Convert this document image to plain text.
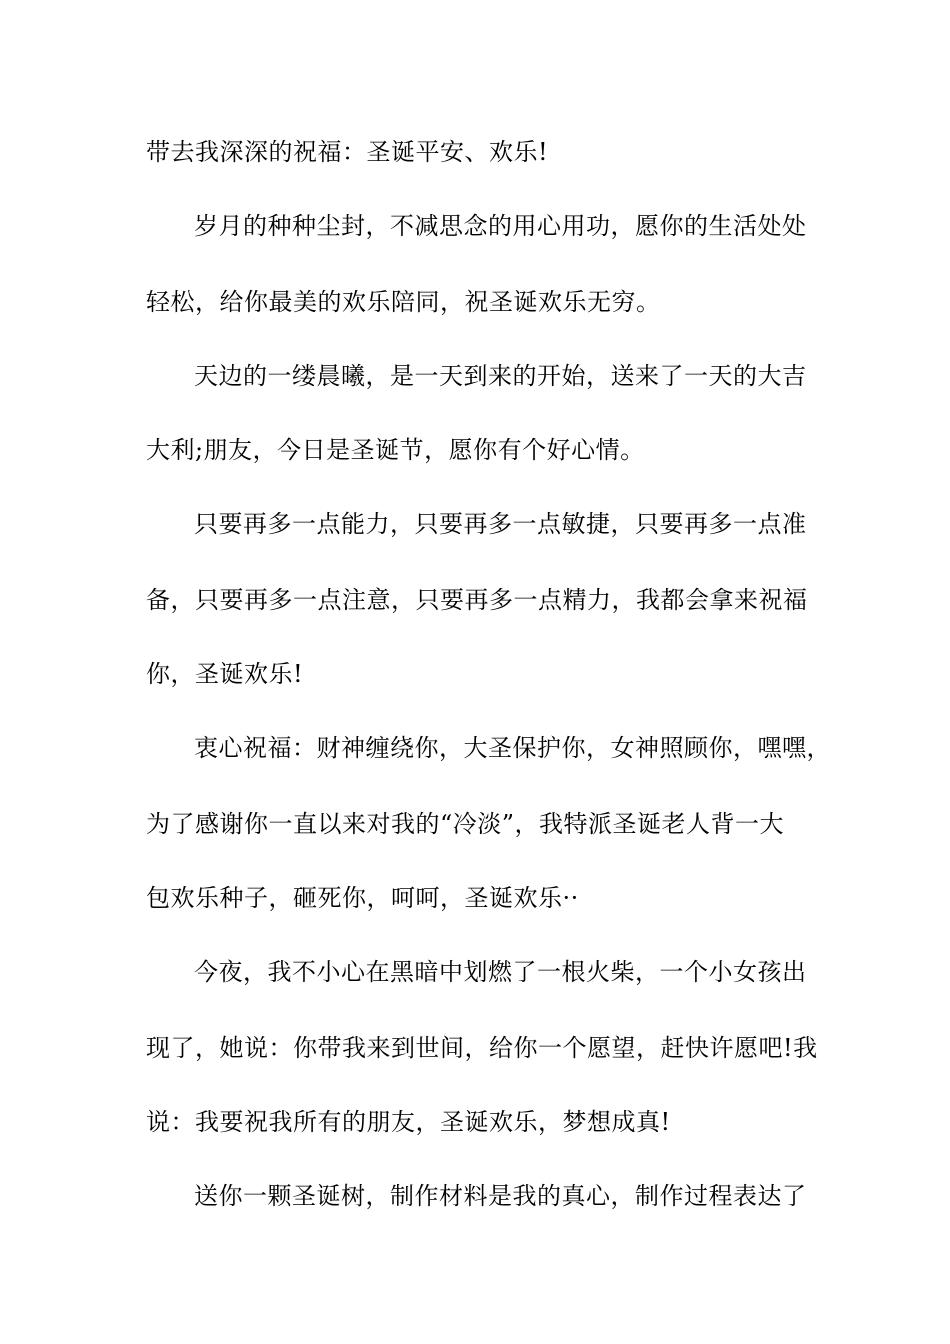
带去我深深的祝福：圣诞平安、欢乐!
岁月的种种尘封，不减思念的用心用功，愿你的生活处处
轻松，给你最美的欢乐陪同，祝圣诞欢乐无穷。
天边的一缕晨曦，是一天到来的开始，送来了一天的大吉
大利;朋友，今日是圣诞节，愿你有个好心情。
只要再多一点能力，只要再多一点敏捷，只要再多一点准
备，只要再多一点注意，只要再多一点精力，我都会拿来祝福
你，圣诞欢乐!
衷心祝福：财神缠绕你，大圣保护你，女神照顾你，嘿嘿，
为了感谢你一直以来对我的“冷淡”，我特派圣诞老人背一大
包欢乐种子，砸死你，呵呵，圣诞欢乐··
今夜，我不小心在黑暗中划燃了一根火柴，一个小女孩出
现了，她说：你带我来到世间，给你一个愿望，赶快许愿吧!我
说：我要祝我所有的朋友，圣诞欢乐，梦想成真!
送你一颗圣诞树，制作材料是我的真心，制作过程表达了
